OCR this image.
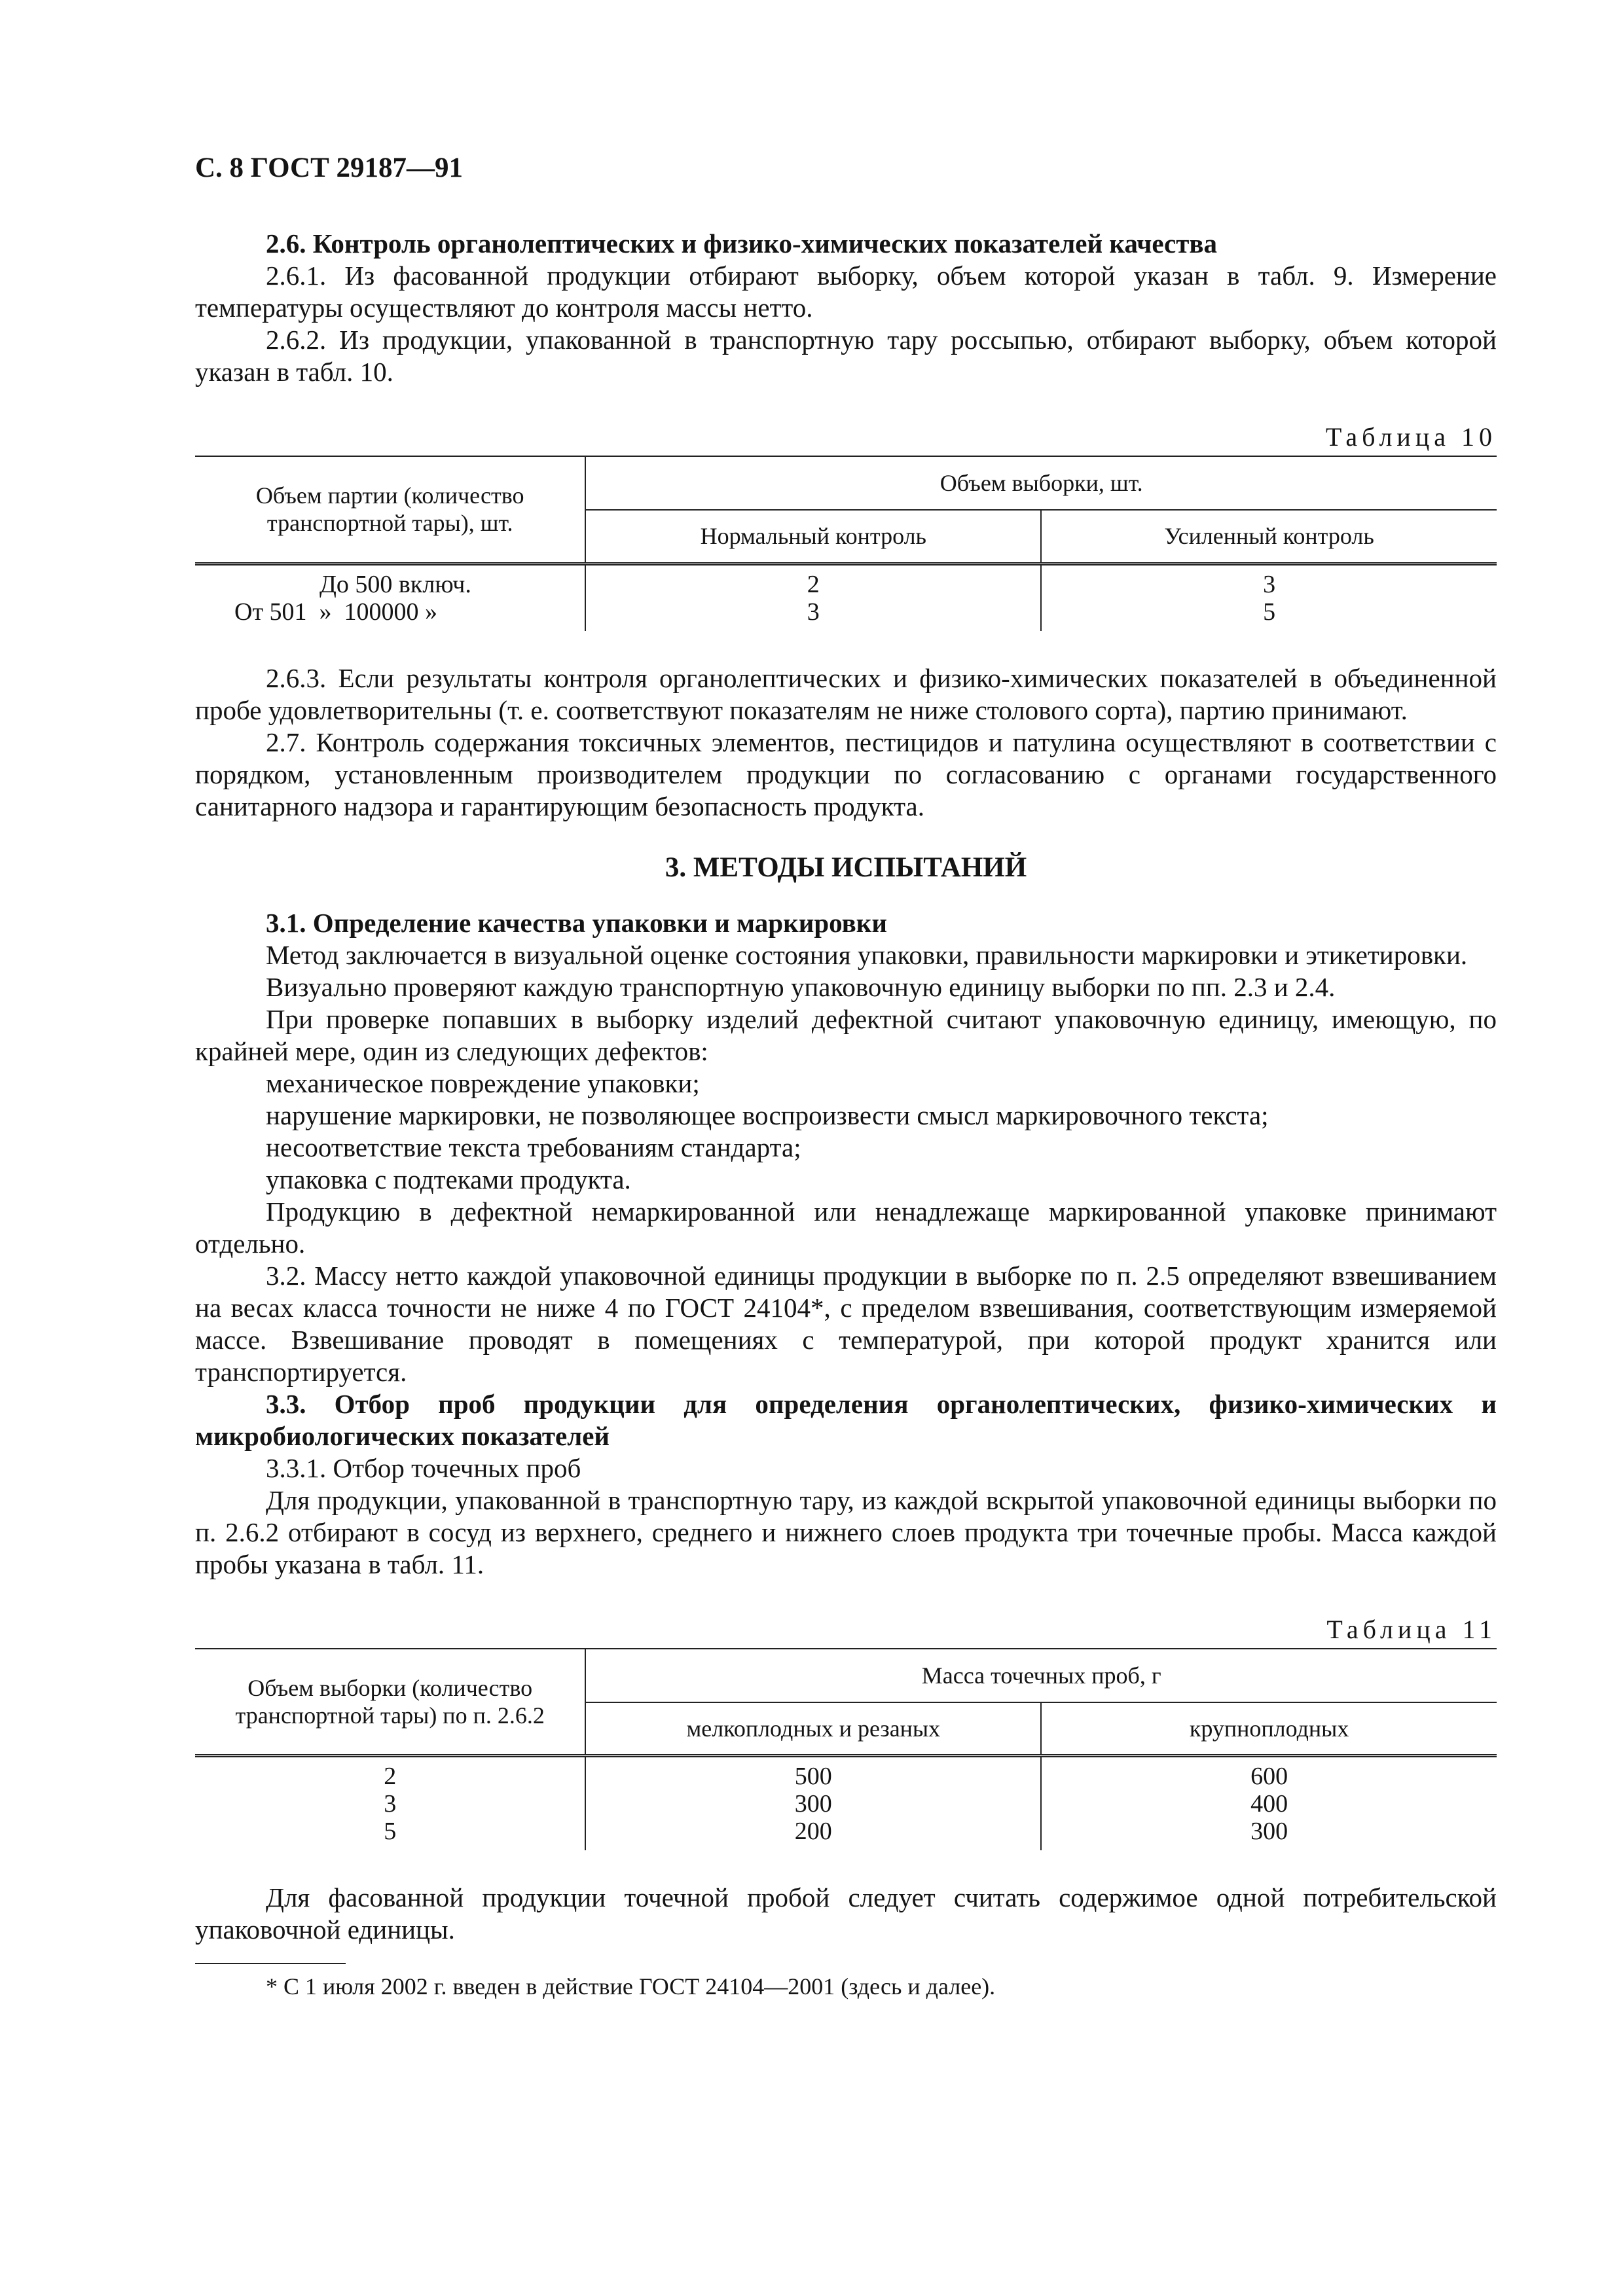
С. 8 ГОСТ 29187—91

2.6. Контроль органолептических и физико-химических показателей качества

2.6.1. Из фасованной продукции отбирают выборку, объем которой указан в табл. 9. Измерение температуры осуществляют до контроля массы нетто.

2.6.2. Из продукции, упакованной в транспортную тару россыпью, отбирают выборку, объем которой указан в табл. 10.

Таблица 10

Объем партии (количество транспортной тары), шт.	Объем выборки, шт.	
	Нормальный контроль	Усиленный контроль
До 500 включ.	2	3
От 501  »  100000 »	3	5

2.6.3. Если результаты контроля органолептических и физико-химических показателей в объединенной пробе удовлетворительны (т. е. соответствуют показателям не ниже столового сорта), партию принимают.

2.7. Контроль содержания токсичных элементов, пестицидов и патулина осуществляют в соответствии с порядком, установленным производителем продукции по согласованию с органами государственного санитарного надзора и гарантирующим безопасность продукта.

3. МЕТОДЫ ИСПЫТАНИЙ

3.1. Определение качества упаковки и маркировки

Метод заключается в визуальной оценке состояния упаковки, правильности маркировки и этикетировки.

Визуально проверяют каждую транспортную упаковочную единицу выборки по пп. 2.3 и 2.4.

При проверке попавших в выборку изделий дефектной считают упаковочную единицу, имеющую, по крайней мере, один из следующих дефектов:

механическое повреждение упаковки;

нарушение маркировки, не позволяющее воспроизвести смысл маркировочного текста;

несоответствие текста требованиям стандарта;

упаковка с подтеками продукта.

Продукцию в дефектной немаркированной или ненадлежаще маркированной упаковке принимают отдельно.

3.2. Массу нетто каждой упаковочной единицы продукции в выборке по п. 2.5 определяют взвешиванием на весах класса точности не ниже 4 по ГОСТ 24104*, с пределом взвешивания, соответствующим измеряемой массе. Взвешивание проводят в помещениях с температурой, при которой продукт хранится или транспортируется.

3.3. Отбор проб продукции для определения органолептических, физико-химических и микробиологических показателей

3.3.1. Отбор точечных проб

Для продукции, упакованной в транспортную тару, из каждой вскрытой упаковочной единицы выборки по п. 2.6.2 отбирают в сосуд из верхнего, среднего и нижнего слоев продукта три точечные пробы. Масса каждой пробы указана в табл. 11.

Таблица 11

Объем выборки (количество транспортной тары) по п. 2.6.2	Масса точечных проб, г	
	мелкоплодных и резаных	крупноплодных
2	500	600
3	300	400
5	200	300

Для фасованной продукции точечной пробой следует считать содержимое одной потребительской упаковочной единицы.

* С 1 июля 2002 г. введен в действие ГОСТ 24104—2001 (здесь и далее).
